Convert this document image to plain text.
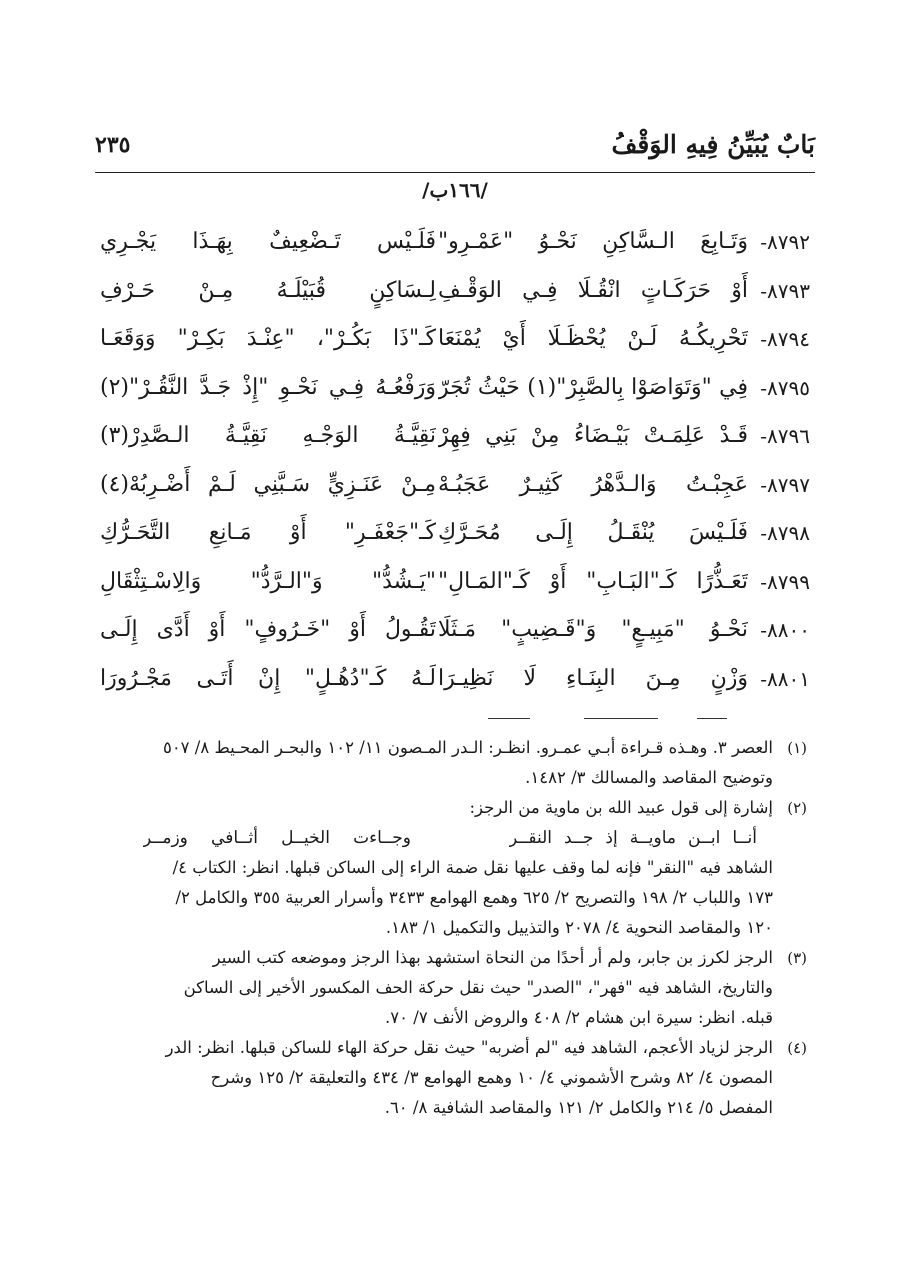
بَابٌ يُبَيِّنُ فِيهِ الوَقْفُ
٢٣٥
/١٦٦ب/
٨٧٩٢-
وَتَـابِعَ الـسَّاكِنِ نَحْـوُ "عَمْـرِو"
فَلَـيْس تَـضْعِيفٌ بِهَـذَا يَجْـرِي
٨٧٩٣-
أَوْ حَرَكَـاتٍ انْقُـلَا فِـي الوَقْـفِ
لِـسَاكِنٍ قُبَيْلَـهُ مِـنْ حَـرْفِ
٨٧٩٤-
تَحْرِيكُـهُ لَـنْ يُحْظَـلَا أَيْ يُمْنَعَا
كَـ"ذَا بَكُـرْ"، "عِنْـدَ بَكِـرْ" وَوَقَعَـا
٨٧٩٥-
فِي "وَتَوَاصَوْا بِالصَّبِرْ"(١) حَيْثُ تُجَرّ
وَرَفْعُـهُ فِـي نَحْـوِ "إِذْ جَـدَّ النَّقُـرْ"(٢)
٨٧٩٦-
قَـدْ عَلِمَـتْ بَيْـضَاءُ مِنْ بَنِي فِهِرْ
نَقِيَّـةُ الوَجْـهِ نَقِيَّـةُ الـصَّدِرْ(٣)
٨٧٩٧-
عَجِبْـتُ وَالـدَّهْرُ كَثِيـرٌ عَجَبُـهْ
مِـنْ عَنَـزِيٍّ سَـبَّنِي لَـمْ أَضْـرِبُهْ(٤)
٨٧٩٨-
فَلَـيْسَ يُنْقَـلُ إِلَـى مُحَـرَّكِ
كَـ"جَعْفَـرِ" أَوْ مَـانِعِ التَّحَـرُّكِ
٨٧٩٩-
تَعَـذُّرًا كَـ"البَـابِ" أَوْ كَـ"المَـالِ"
"يَـشُدُّ" وَ"الـرَّدُّ" وَالِاسْـتِثْقَالِ
٨٨٠٠-
نَحْـوُ "مَبِيـعٍ" وَ"قَـضِيبٍ" مَـثَلَا
تَقُـولُ أَوْ "خَـرُوفٍ" أَوْ أَدَّى إِلَـى
٨٨٠١-
وَزْنٍ مِـنَ البِنَـاءِ لَا نَظِيـرَا
لَـهُ كَـ"دُهُـلٍ" إِنْ أَتَـى مَجْـرُورَا
(١)
العصر ٣. وهـذه قـراءة أبـي عمـرو. انظـر: الـدر المـصون ١١/ ١٠٢ والبحـر المحـيط ٨/ ٥٠٧
وتوضيح المقاصد والمسالك ٣/ ١٤٨٢.
(٢)
إشارة إلى قول عبيد الله بن ماوية من الرجز:
أنــا ابــن ماويــة إذ جــد النقــر
وجــاءت الخيــل أثــافي وزمــر
الشاهد فيه "النقر" فإنه لما وقف عليها نقل ضمة الراء إلى الساكن قبلها. انظر: الكتاب ٤/
١٧٣ واللباب ٢/ ١٩٨ والتصريح ٢/ ٦٢٥ وهمع الهوامع ٣٤٣٣ وأسرار العربية ٣٥٥ والكامل ٢/
١٢٠ والمقاصد النحوية ٤/ ٢٠٧٨ والتذييل والتكميل ١/ ١٨٣.
(٣)
الرجز لكرز بن جابر، ولم أر أحدًا من النحاة استشهد بهذا الرجز وموضعه كتب السير
والتاريخ، الشاهد فيه "فهر"، "الصدر" حيث نقل حركة الحف المكسور الأخير إلى الساكن
قبله. انظر: سيرة ابن هشام ٢/ ٤٠٨ والروض الأنف ٧/ ٧٠.
(٤)
الرجز لزياد الأعجم، الشاهد فيه "لم أضربه" حيث نقل حركة الهاء للساكن قبلها. انظر: الدر
المصون ٤/ ٨٢ وشرح الأشموني ٤/ ١٠ وهمع الهوامع ٣/ ٤٣٤ والتعليقة ٢/ ١٢٥ وشرح
المفصل ٥/ ٢١٤ والكامل ٢/ ١٢١ والمقاصد الشافية ٨/ ٦٠.
